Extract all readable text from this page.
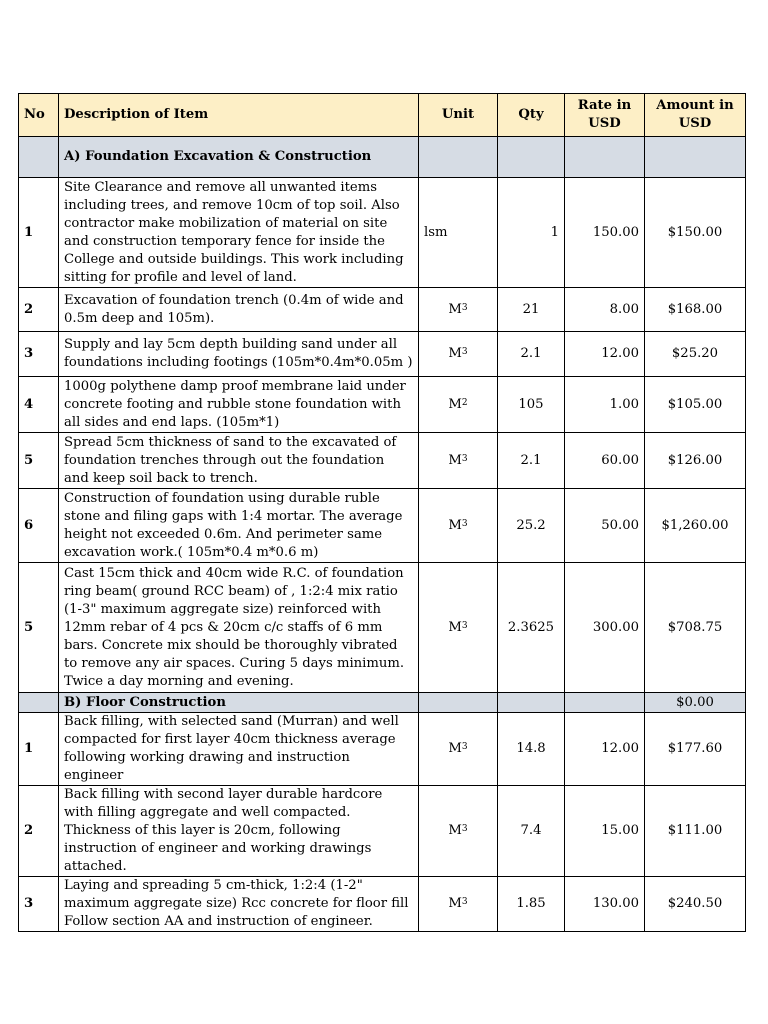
No	Description of Item	Unit	Qty	Rate in USD	Amount in USD
	A) Foundation Excavation & Construction				
1	Site Clearance and remove all unwanted items including trees, and remove 10cm of top soil. Also contractor make mobilization of material on site and construction temporary fence for inside the College and outside buildings. This work including sitting for profile and level of land.	lsm	1	150.00	$150.00
2	Excavation of foundation trench (0.4m of wide and 0.5m deep and 105m).	$M^3$	21	8.00	$168.00
3	Supply and lay 5cm depth building sand under all foundations including footings (105m*0.4m*0.05m )	$M^3$	2.1	12.00	$25.20
4	1000g polythene damp proof membrane laid under concrete footing and rubble stone foundation with all sides and end laps. (105m*1)	$M^2$	105	1.00	$105.00
5	Spread 5cm thickness of sand to the excavated of foundation trenches through out the foundation and keep soil back to trench.	$M^3$	2.1	60.00	$126.00
6	Construction of foundation using durable ruble stone and filing gaps with 1:4 mortar. The average height not exceeded 0.6m. And perimeter same excavation work.( 105m*0.4 m*0.6 m)	$M^3$	25.2	50.00	$1,260.00
5	Cast 15cm thick and 40cm wide R.C. of foundation ring beam( ground RCC beam) of , 1:2:4 mix ratio (1-3" maximum aggregate size) reinforced with 12mm rebar of 4 pcs & 20cm c/c staffs of 6 mm bars. Concrete mix should be thoroughly vibrated to remove any air spaces. Curing 5 days minimum. Twice a day morning and evening.	$M^3$	2.3625	300.00	$708.75
	B) Floor Construction				$0.00
1	Back filling, with selected sand (Murran) and well compacted for first layer 40cm thickness average following working drawing and instruction engineer	$M^3$	14.8	12.00	$177.60
2	Back filling with second layer durable hardcore with filling aggregate and well compacted. Thickness of this layer is 20cm, following instruction of engineer and working drawings attached.	$M^3$	7.4	15.00	$111.00
3	Laying and spreading 5 cm-thick, 1:2:4 (1-2" maximum aggregate size) Rcc concrete for floor fill Follow section AA and instruction of engineer.	$M^3$	1.85	130.00	$240.50
